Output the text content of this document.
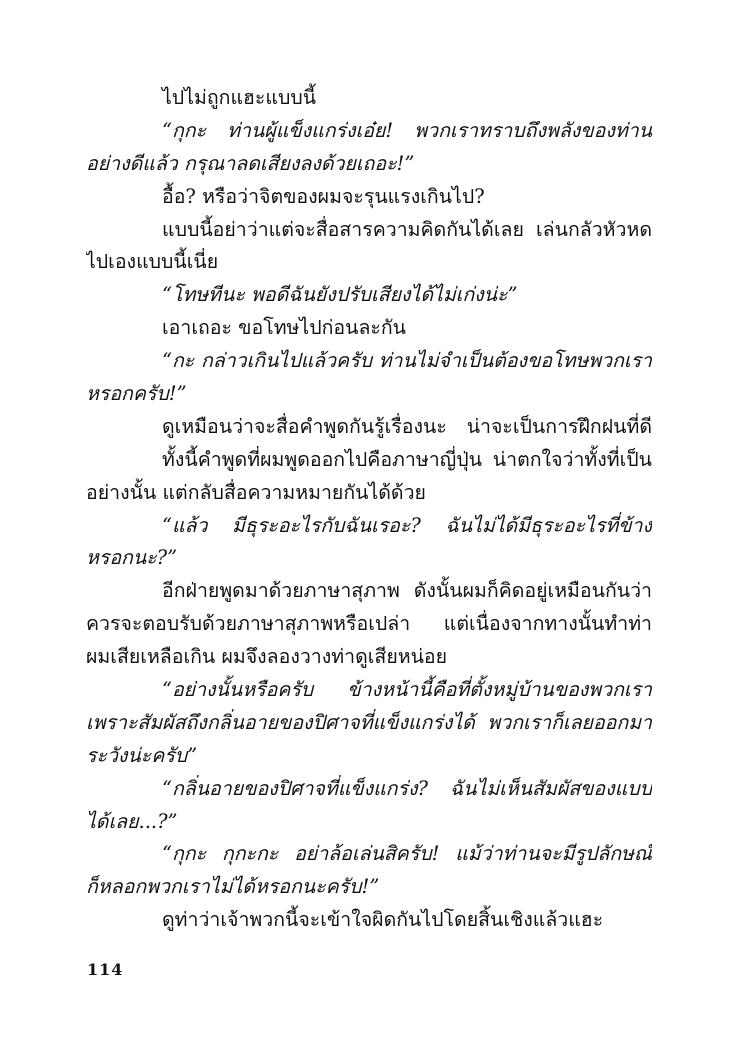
ไปไม่ถูกแฮะแบบนี้
“กุกะ ท่านผู้แข็งแกร่งเอ๋ย! พวกเราทราบถึงพลังของท่าน
อย่างดีแล้ว กรุณาลดเสียงลงด้วยเถอะ!”
อื้อ? หรือว่าจิตของผมจะรุนแรงเกินไป?
แบบนี้อย่าว่าแต่จะสื่อสารความคิดกันได้เลย เล่นกลัวหัวหด
ไปเองแบบนี้เนี่ย
“โทษทีนะ พอดีฉันยังปรับเสียงได้ไม่เก่งน่ะ”
เอาเถอะ ขอโทษไปก่อนละกัน
“กะ กล่าวเกินไปแล้วครับ ท่านไม่จำเป็นต้องขอโทษพวกเรา
หรอกครับ!”
ดูเหมือนว่าจะสื่อคำพูดกันรู้เรื่องนะ น่าจะเป็นการฝึกฝนที่ดี
ทั้งนี้คำพูดที่ผมพูดออกไปคือภาษาญี่ปุ่น น่าตกใจว่าทั้งที่เป็น
อย่างนั้น แต่กลับสื่อความหมายกันได้ด้วย
“แล้ว มีธุระอะไรกับฉันเรอะ? ฉันไม่ได้มีธุระอะไรที่ข้าง
หรอกนะ?”
อีกฝ่ายพูดมาด้วยภาษาสุภาพ ดังนั้นผมก็คิดอยู่เหมือนกันว่า
ควรจะตอบรับด้วยภาษาสุภาพหรือเปล่า แต่เนื่องจากทางนั้นทำท่า
ผมเสียเหลือเกิน ผมจึงลองวางท่าดูเสียหน่อย
“อย่างนั้นหรือครับ ข้างหน้านี้คือที่ตั้งหมู่บ้านของพวกเรา
เพราะสัมผัสถึงกลิ่นอายของปิศาจที่แข็งแกร่งได้ พวกเราก็เลยออกมา
ระวังน่ะครับ”
“กลิ่นอายของปิศาจที่แข็งแกร่ง? ฉันไม่เห็นสัมผัสของแบบ
ได้เลย...?”
“กุกะ กุกะกะ อย่าล้อเล่นสิครับ! แม้ว่าท่านจะมีรูปลักษณ์
ก็หลอกพวกเราไม่ได้หรอกนะครับ!”
ดูท่าว่าเจ้าพวกนี้จะเข้าใจผิดกันไปโดยสิ้นเชิงแล้วแฮะ
114
